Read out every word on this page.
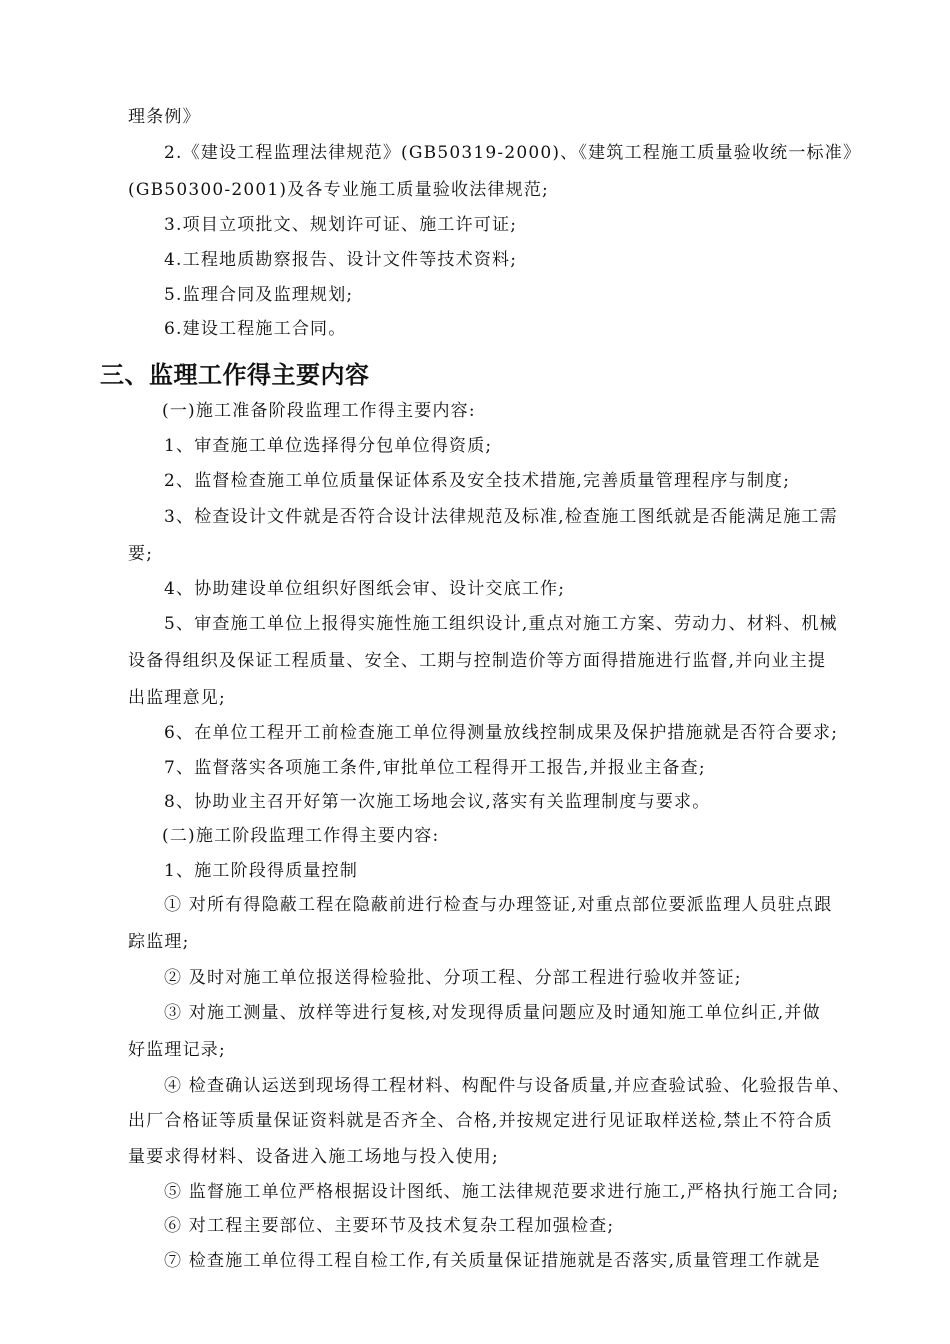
理条例》
2.《建设工程监理法律规范》(GB50319-2000)、《建筑工程施工质量验收统一标准》
(GB50300-2001)及各专业施工质量验收法律规范;
3.项目立项批文、规划许可证、施工许可证;
4.工程地质勘察报告、设计文件等技术资料;
5.监理合同及监理规划;
6.建设工程施工合同。
三、监理工作得主要内容
(一)施工准备阶段监理工作得主要内容:
1、审查施工单位选择得分包单位得资质;
2、监督检查施工单位质量保证体系及安全技术措施,完善质量管理程序与制度;
3、检查设计文件就是否符合设计法律规范及标准,检查施工图纸就是否能满足施工需
要;
4、协助建设单位组织好图纸会审、设计交底工作;
5、审查施工单位上报得实施性施工组织设计,重点对施工方案、劳动力、材料、机械
设备得组织及保证工程质量、安全、工期与控制造价等方面得措施进行监督,并向业主提
出监理意见;
6、在单位工程开工前检查施工单位得测量放线控制成果及保护措施就是否符合要求;
7、监督落实各项施工条件,审批单位工程得开工报告,并报业主备查;
8、协助业主召开好第一次施工场地会议,落实有关监理制度与要求。
(二)施工阶段监理工作得主要内容:
1、施工阶段得质量控制
① 对所有得隐蔽工程在隐蔽前进行检查与办理签证,对重点部位要派监理人员驻点跟
踪监理;
② 及时对施工单位报送得检验批、分项工程、分部工程进行验收并签证;
③ 对施工测量、放样等进行复核,对发现得质量问题应及时通知施工单位纠正,并做
好监理记录;
④ 检查确认运送到现场得工程材料、构配件与设备质量,并应查验试验、化验报告单、
出厂合格证等质量保证资料就是否齐全、合格,并按规定进行见证取样送检,禁止不符合质
量要求得材料、设备进入施工场地与投入使用;
⑤ 监督施工单位严格根据设计图纸、施工法律规范要求进行施工,严格执行施工合同;
⑥ 对工程主要部位、主要环节及技术复杂工程加强检查;
⑦ 检查施工单位得工程自检工作,有关质量保证措施就是否落实,质量管理工作就是
